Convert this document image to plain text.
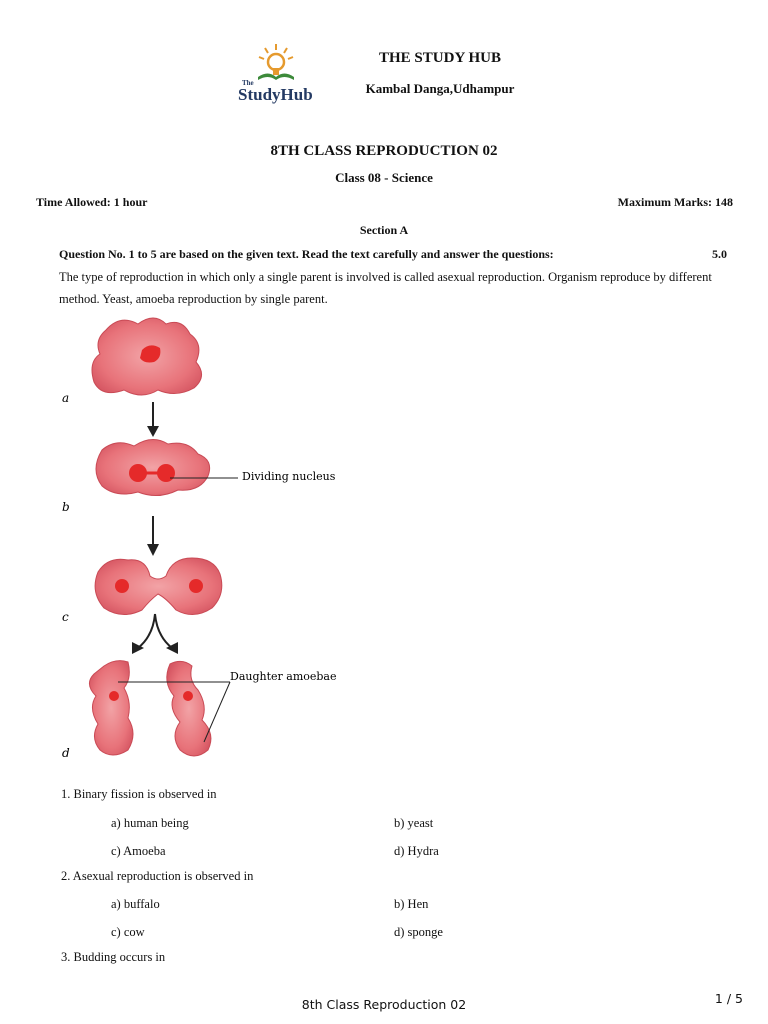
The
StudyHub
THE STUDY HUB
Kambal Danga,Udhampur
8TH CLASS REPRODUCTION 02
Class 08 - Science
Time Allowed: 1 hour	Maximum Marks: 148
Section A
Question No. 1 to 5 are based on the given text. Read the text carefully and answer the questions:	5.0
The type of reproduction in which only a single parent is involved is called asexual reproduction. Organism reproduce by different method. Yeast, amoeba reproduction by single parent.
a
Dividing nucleus
b
c
Daughter amoebae
d
1. Binary fission is observed in
a) human being	b) yeast
c) Amoeba	d) Hydra
2. Asexual reproduction is observed in
a) buffalo	b) Hen
c) cow	d) sponge
3. Budding occurs in
8th Class Reproduction 02	1 / 5
